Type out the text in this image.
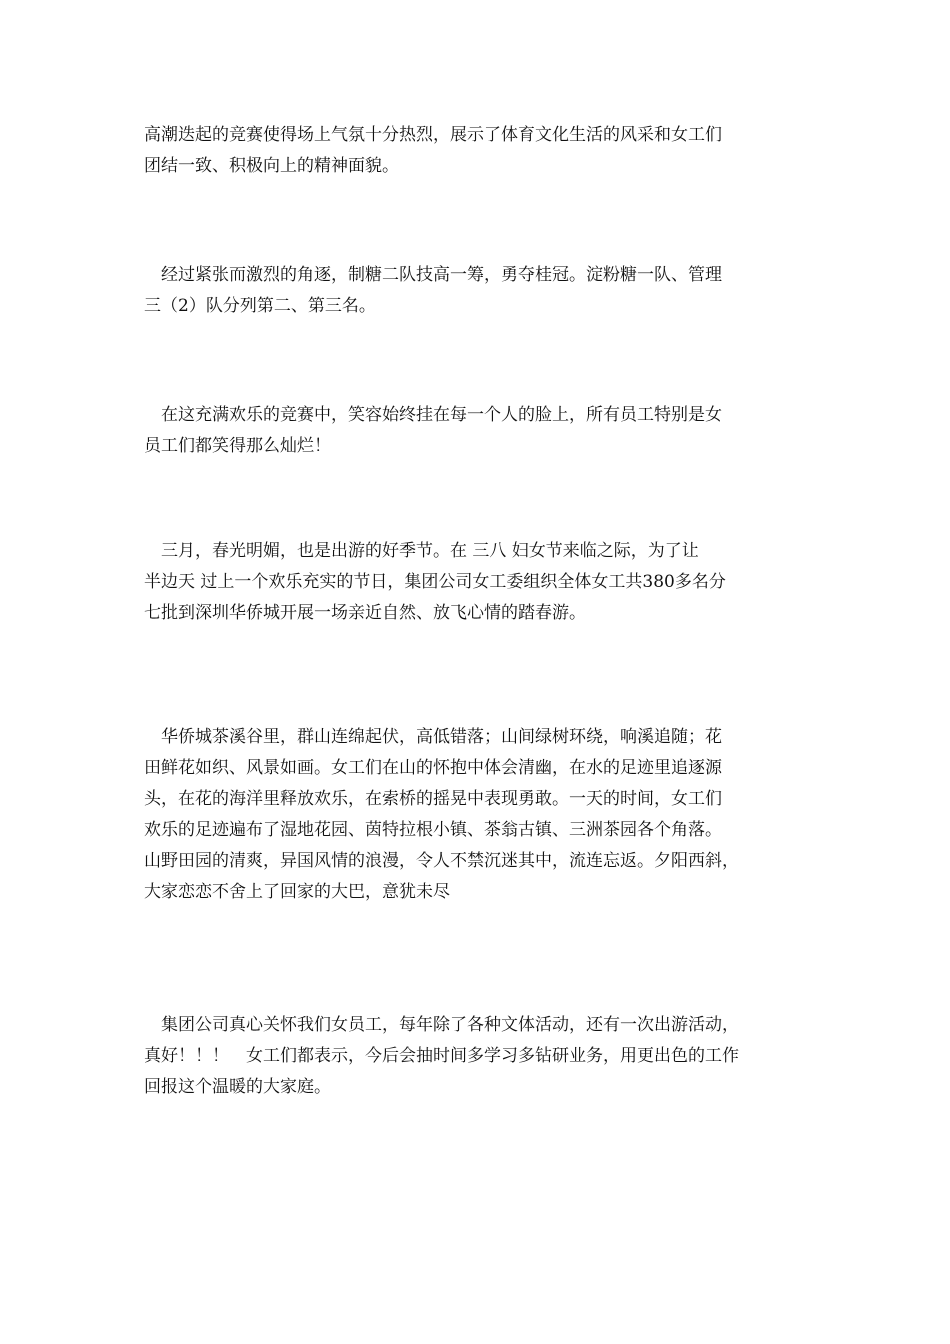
高潮迭起的竞赛使得场上气氛十分热烈，展示了体育文化生活的风采和女工们
团结一致、积极向上的精神面貌。
　经过紧张而激烈的角逐，制糖二队技高一筹，勇夺桂冠。淀粉糖一队、管理
三（2）队分列第二、第三名。
　在这充满欢乐的竞赛中，笑容始终挂在每一个人的脸上，所有员工特别是女
员工们都笑得那么灿烂！
　三月，春光明媚，也是出游的好季节。在 三八 妇女节来临之际，为了让
半边天 过上一个欢乐充实的节日，集团公司女工委组织全体女工共380多名分
七批到深圳华侨城开展一场亲近自然、放飞心情的踏春游。
　华侨城茶溪谷里，群山连绵起伏，高低错落；山间绿树环绕，响溪追随；花
田鲜花如织、风景如画。女工们在山的怀抱中体会清幽，在水的足迹里追逐源
头，在花的海洋里释放欢乐，在索桥的摇晃中表现勇敢。一天的时间，女工们
欢乐的足迹遍布了湿地花园、茵特拉根小镇、茶翁古镇、三洲茶园各个角落。
山野田园的清爽，异国风情的浪漫，令人不禁沉迷其中，流连忘返。夕阳西斜，
大家恋恋不舍上了回家的大巴，意犹未尽
　集团公司真心关怀我们女员工，每年除了各种文体活动，还有一次出游活动，
真好！！！　女工们都表示，今后会抽时间多学习多钻研业务，用更出色的工作
回报这个温暖的大家庭。
